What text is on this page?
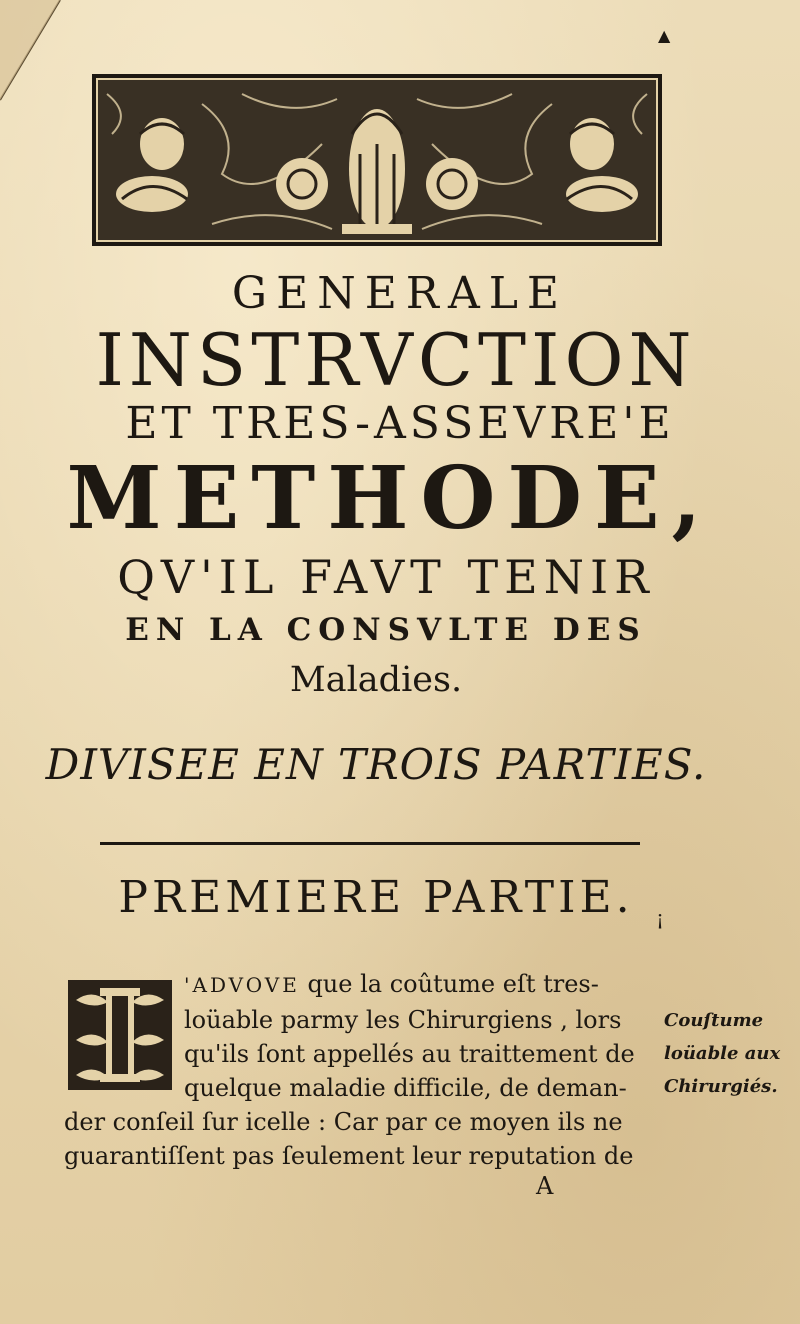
▲
GENERALE
INSTRVCTION
ET TRES-ASSEVRE'E
METHODE,
QV'IL FAVT TENIR
EN LA CONSVLTE DES
Maladies.
DIVISEE EN TROIS PARTIES.
PREMIERE PARTIE.	¡
'ADVOVE que la coûtume eſt tres-
loüable parmy les Chirurgiens , lors
qu'ils ſont appellés au traittement de
quelque maladie difficile, de deman-
der conſeil ſur icelle : Car par ce moyen ils ne
guarantiſſent pas ſeulement leur reputation de
Couſtume
loüable aux
Chirurgiés.
A
